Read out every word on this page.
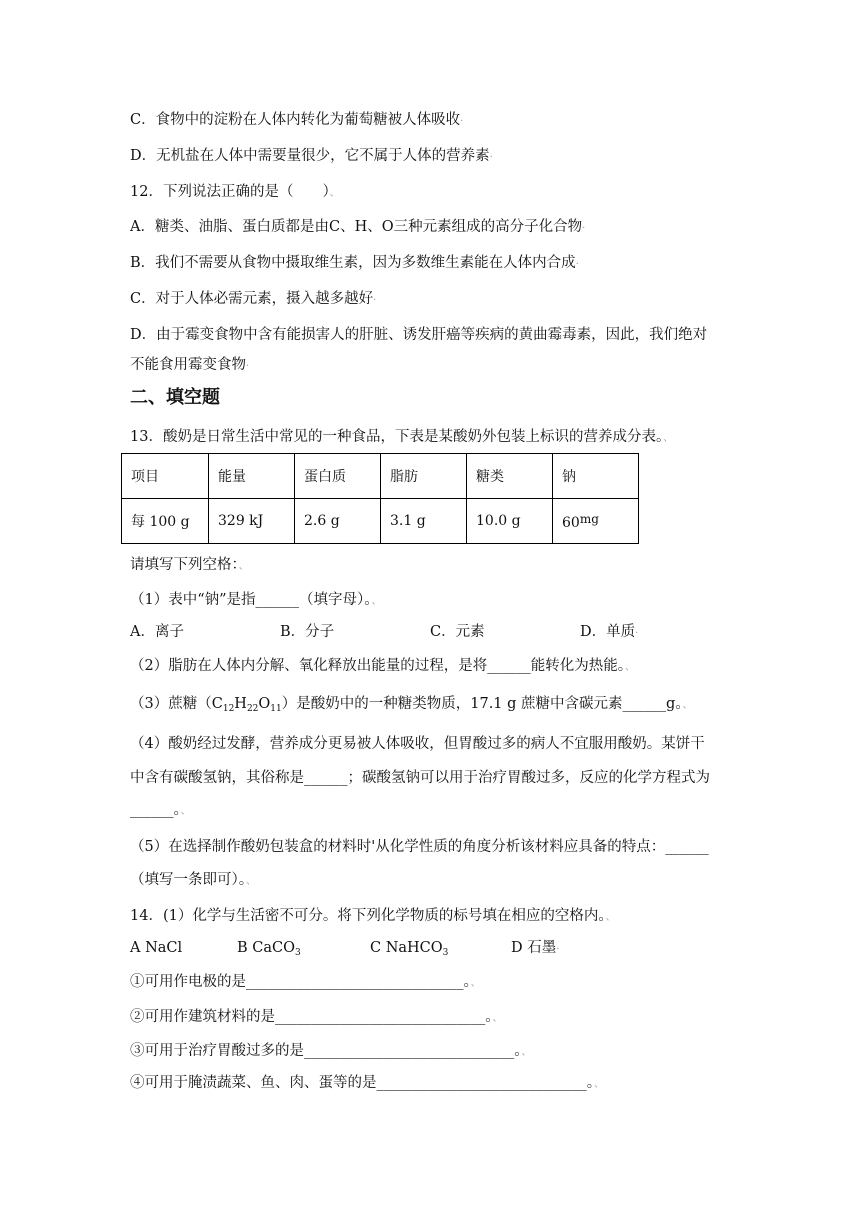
C．食物中的淀粉在人体内转化为葡萄糖被人体吸收·
D．无机盐在人体中需要量很少，它不属于人体的营养素·
12．下列说法正确的是（　　）、
A．糖类、油脂、蛋白质都是由C、H、O三种元素组成的高分子化合物·
B．我们不需要从食物中摄取维生素，因为多数维生素能在人体内合成·
C．对于人体必需元素，摄入越多越好·
D．由于霉变食物中含有能损害人的肝脏、诱发肝癌等疾病的黄曲霉毒素，因此，我们绝对
不能食用霉变食物·
二、填空题
13．酸奶是日常生活中常见的一种食品，下表是某酸奶外包装上标识的营养成分表。、
项目	能量	蛋白质	脂肪	糖类	钠
每 100 g	329 kJ	2.6 g	3.1 g	10.0 g	60mg
请填写下列空格：、
（1）表中“钠”是指______（填字母）。、
A．离子	B．分子	C．元素	D．单质·
（2）脂肪在人体内分解、氧化释放出能量的过程，是将______能转化为热能。、
（3）蔗糖$(C_{12}H_{22}O_{11})$是酸奶中的一种糖类物质，17.1 g 蔗糖中含碳元素______g。、
（4）酸奶经过发酵，营养成分更易被人体吸收，但胃酸过多的病人不宜服用酸奶。某饼干
中含有碳酸氢钠，其俗称是______；碳酸氢钠可以用于治疗胃酸过多，反应的化学方程式为
______。、
（5）在选择制作酸奶包装盒的材料时'从化学性质的角度分析该材料应具备的特点：______
（填写一条即可）。、
14．(1）化学与生活密不可分。将下列化学物质的标号填在相应的空格内。、
A NaCl	B CaCO$_3$	C NaHCO$_3$	D 石墨·
①可用作电极的是______________________________。、
②可用作建筑材料的是_____________________________。、
③可用于治疗胃酸过多的是_____________________________。、
④可用于腌渍蔬菜、鱼、肉、蛋等的是_____________________________。、
